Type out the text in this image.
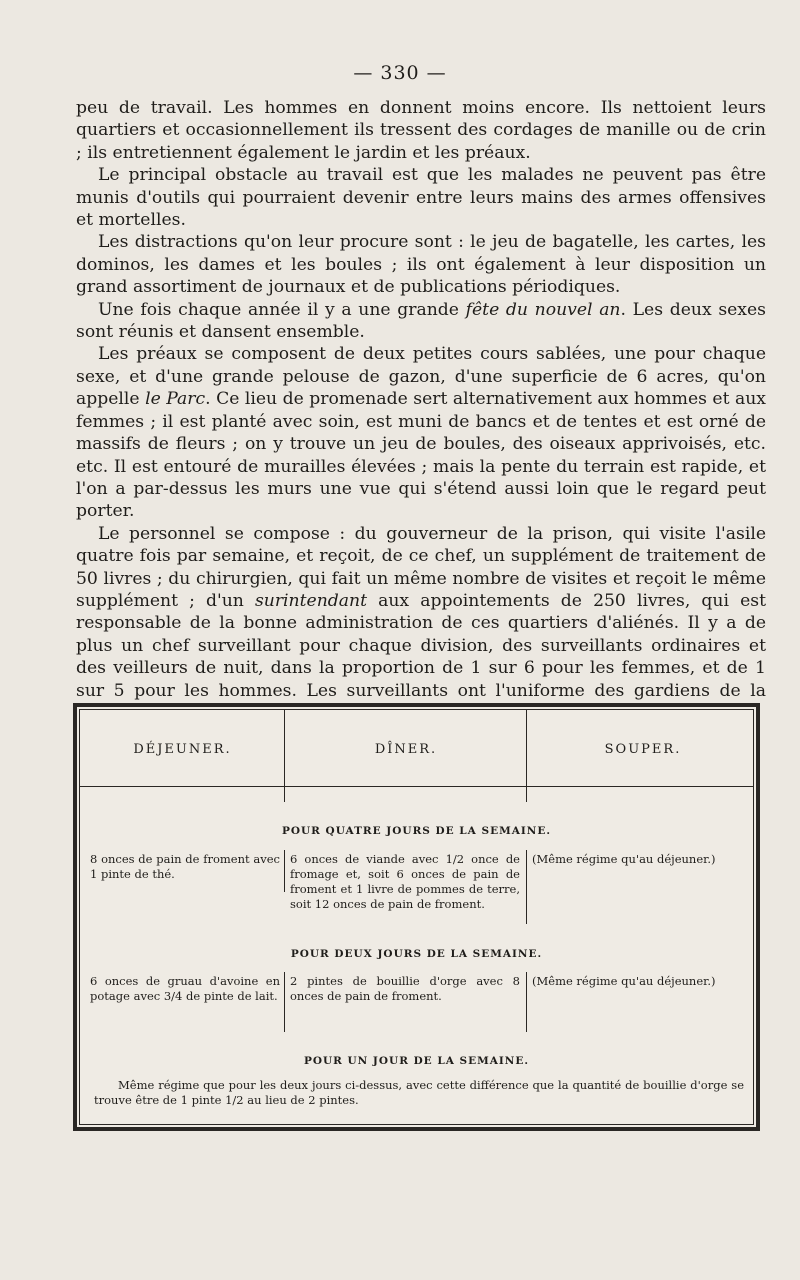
— 330 —

peu de travail. Les hommes en donnent moins encore. Ils nettoient leurs quartiers et occasionnellement ils tressent des cordages de manille ou de crin ; ils entretiennent également le jardin et les préaux.

Le principal obstacle au travail est que les malades ne peuvent pas être munis d'outils qui pourraient devenir entre leurs mains des armes offensives et mortelles.

Les distractions qu'on leur procure sont : le jeu de bagatelle, les cartes, les dominos, les dames et les boules ; ils ont également à leur disposition un grand assortiment de journaux et de publications périodiques.

Une fois chaque année il y a une grande fête du nouvel an. Les deux sexes sont réunis et dansent ensemble.

Les préaux se composent de deux petites cours sablées, une pour chaque sexe, et d'une grande pelouse de gazon, d'une superficie de 6 acres, qu'on appelle le Parc. Ce lieu de promenade sert alternativement aux hommes et aux femmes ; il est planté avec soin, est muni de bancs et de tentes et est orné de massifs de fleurs ; on y trouve un jeu de boules, des oiseaux apprivoisés, etc. etc. Il est entouré de murailles élevées ; mais la pente du terrain est rapide, et l'on a par-dessus les murs une vue qui s'étend aussi loin que le regard peut porter.

Le personnel se compose : du gouverneur de la prison, qui visite l'asile quatre fois par semaine, et reçoit, de ce chef, un supplément de traitement de 50 livres ; du chirurgien, qui fait un même nombre de visites et reçoit le même supplément ; d'un surintendant aux appointements de 250 livres, qui est responsable de la bonne administration de ces quartiers d'aliénés. Il y a de plus un chef surveillant pour chaque division, des surveillants ordinaires et des veilleurs de nuit, dans la proportion de 1 sur 6 pour les femmes, et de 1 sur 5 pour les hommes. Les surveillants ont l'uniforme des gardiens de la

DÉJEUNER.	DÎNER.	SOUPER.
POUR QUATRE JOURS DE LA SEMAINE.
8 onces de pain de froment avec 1 pinte de thé.
6 onces de viande avec 1/2 once de fromage et, soit 6 onces de pain de froment et 1 livre de pommes de terre, soit 12 onces de pain de froment.
(Même régime qu'au déjeuner.)
POUR DEUX JOURS DE LA SEMAINE.
6 onces de gruau d'avoine en potage avec 3/4 de pinte de lait.
2 pintes de bouillie d'orge avec 8 onces de pain de froment.
(Même régime qu'au déjeuner.)
POUR UN JOUR DE LA SEMAINE.
Même régime que pour les deux jours ci-dessus, avec cette différence que la quantité de bouillie d'orge se trouve être de 1 pinte 1/2 au lieu de 2 pintes.
